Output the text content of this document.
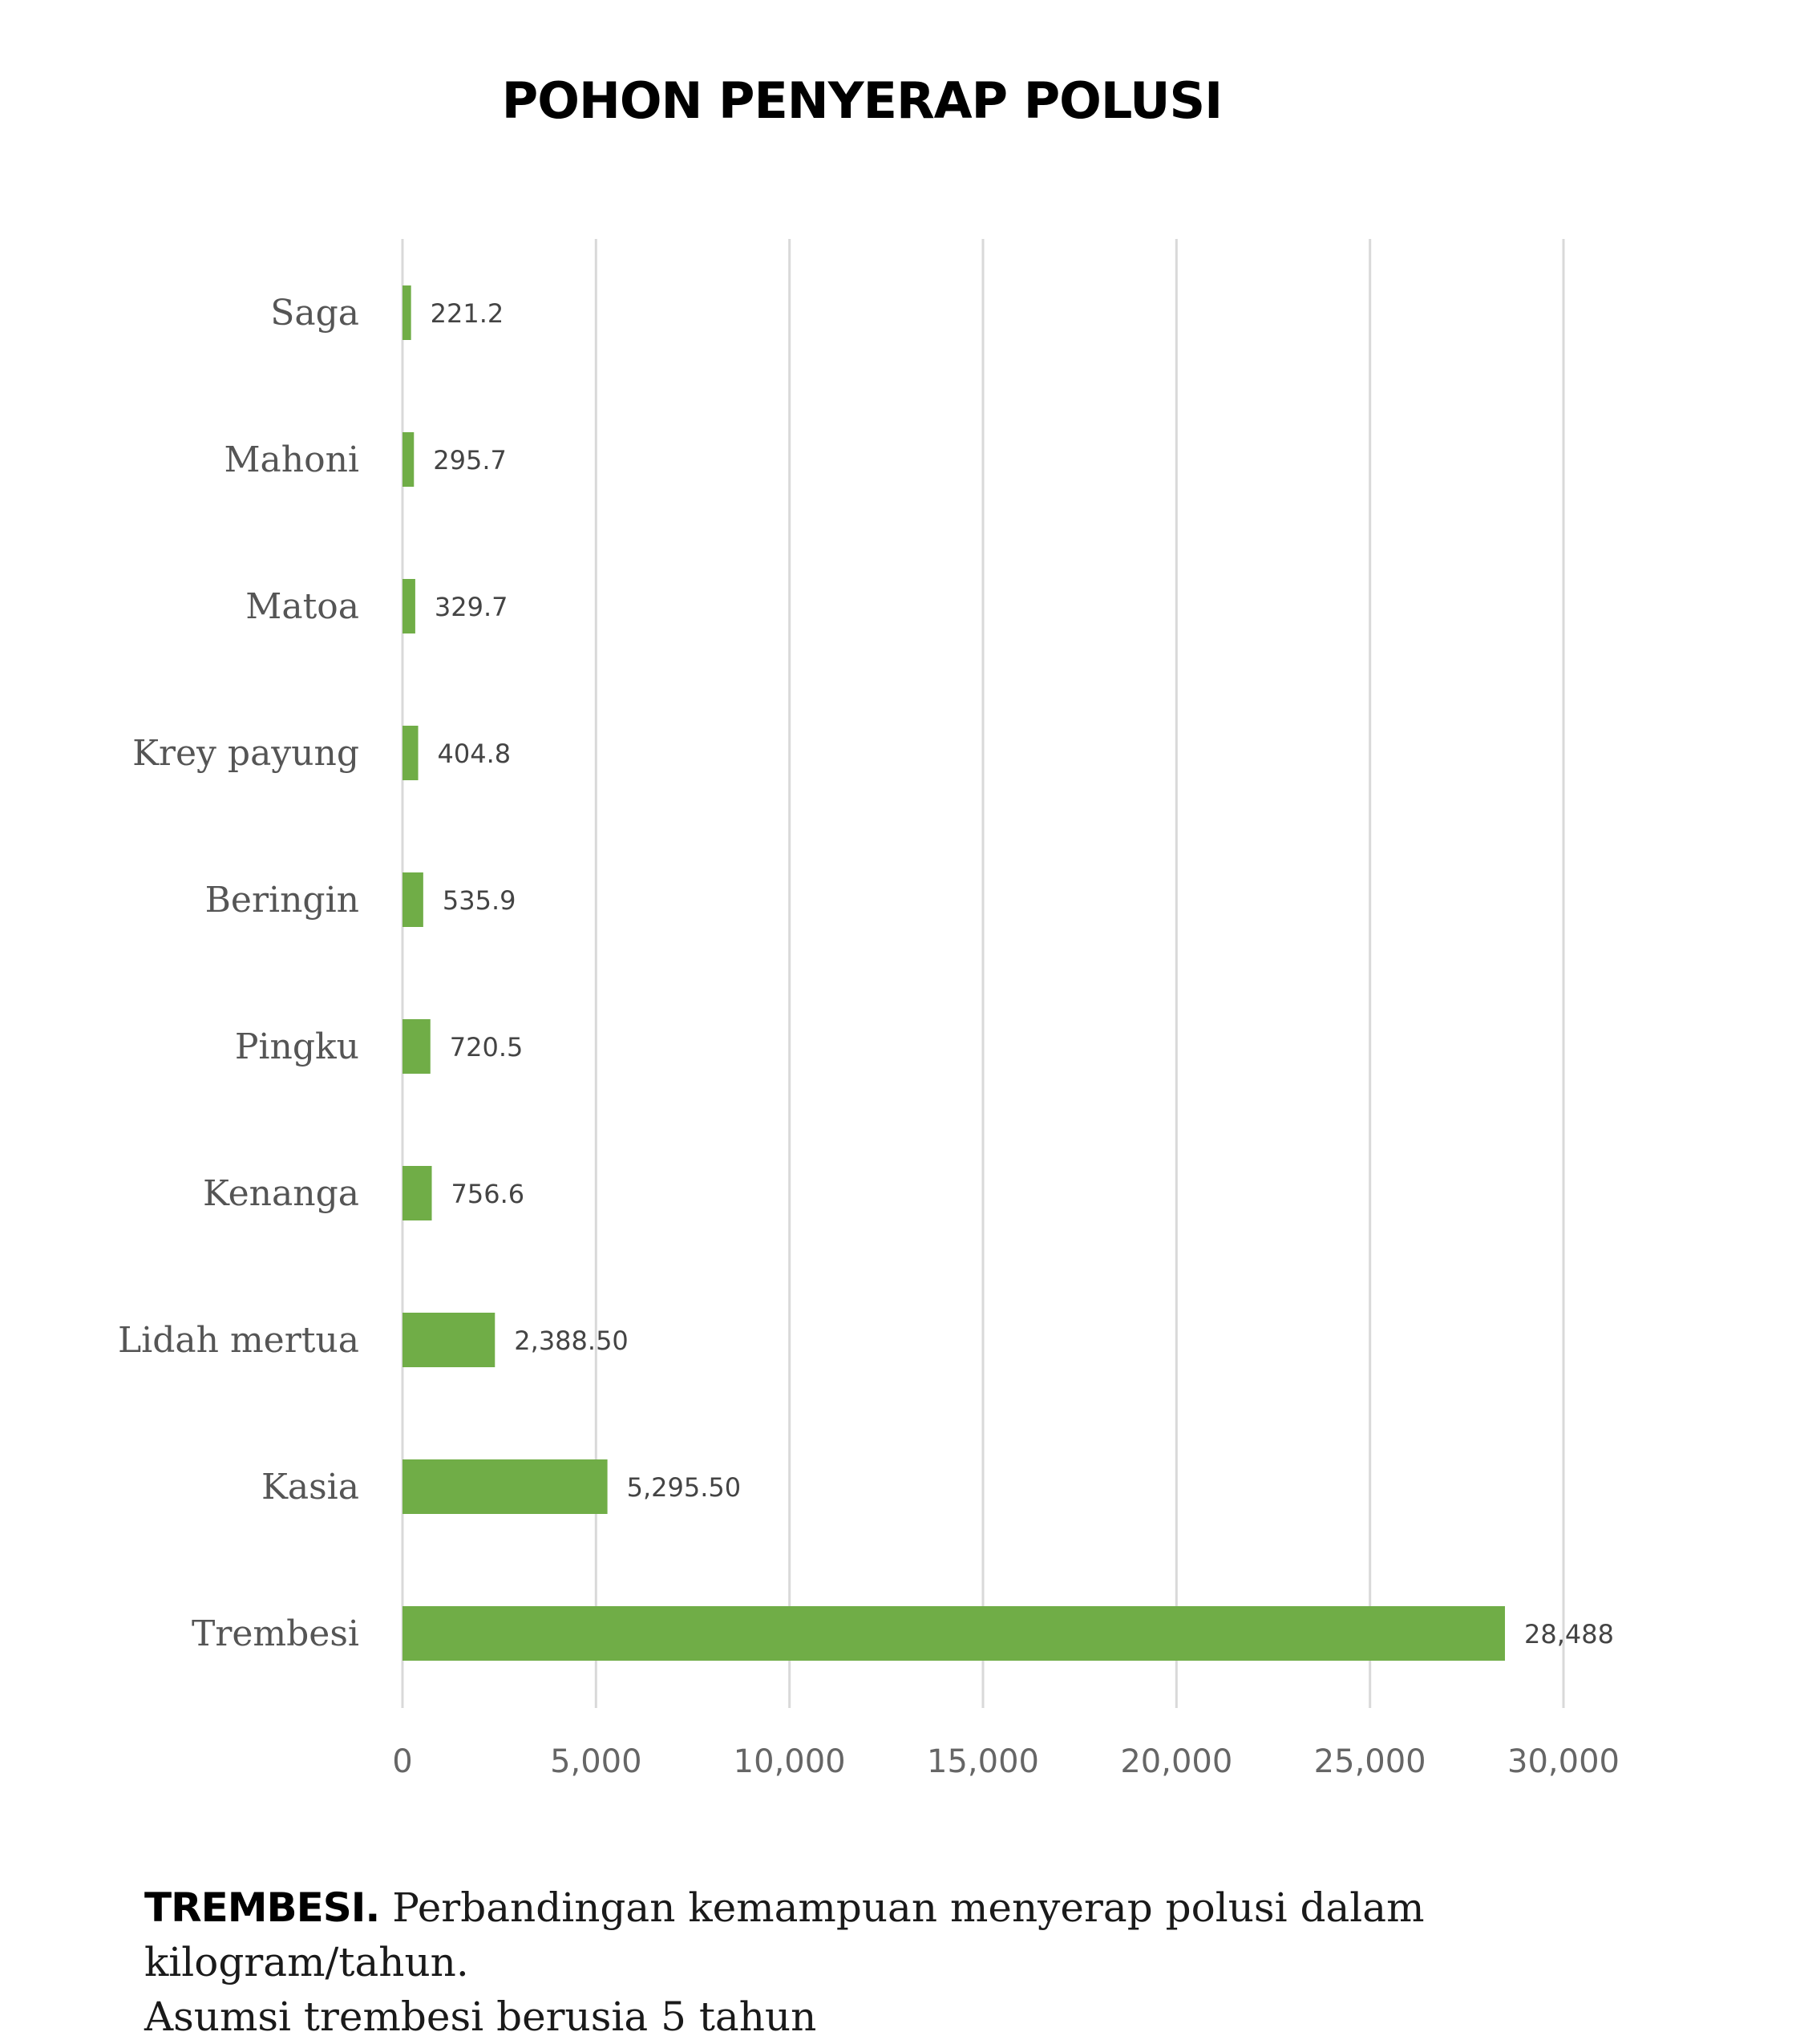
POHON PENYERAP POLUSI
Saga
Mahoni
Matoa
Krey payung
Beringin
Pingku
Kenanga
Lidah mertua
Kasia
Trembesi
221.2
295.7
329.7
404.8
535.9
720.5
756.6
2,388.50
5,295.50
28,488
0	5,000	10,000	15,000	20,000	25,000	30,000
TREMBESI. Perbandingan kemampuan menyerap polusi dalam kilogram/tahun.
Asumsi trembesi berusia 5 tahun
